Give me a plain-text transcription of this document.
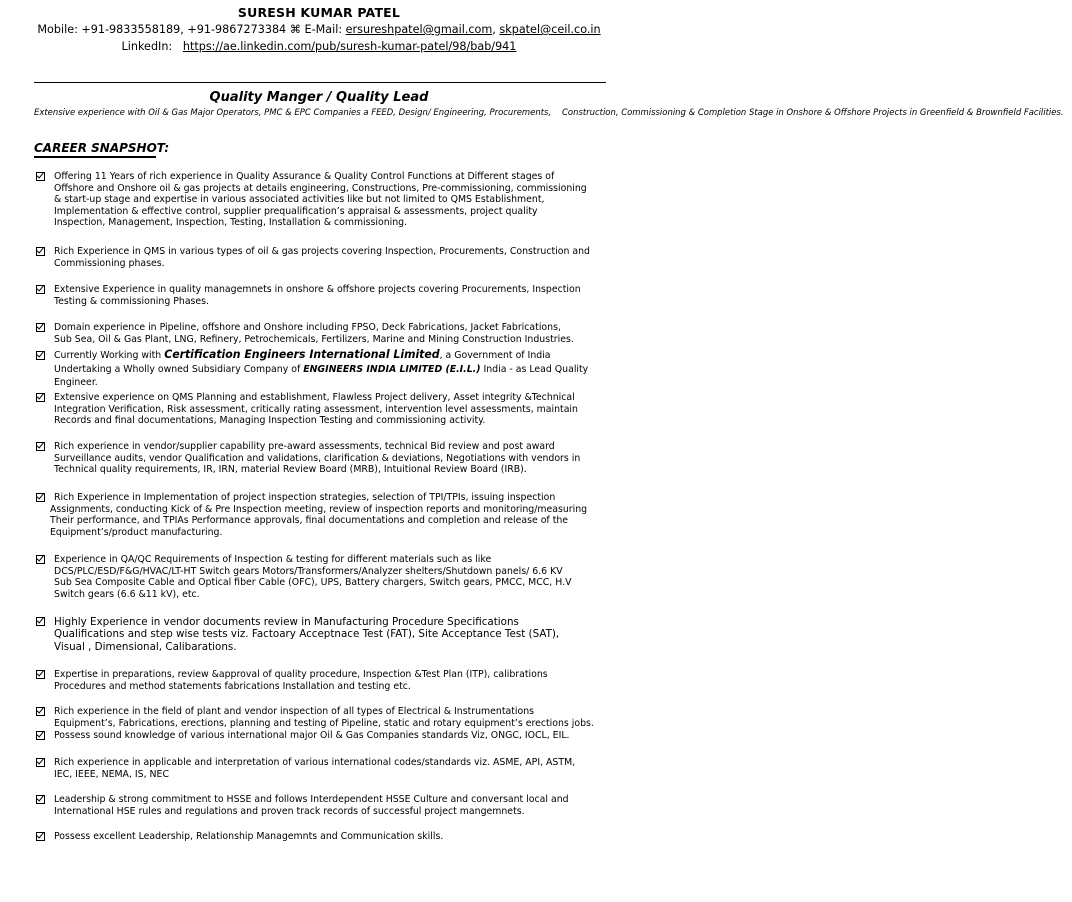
SURESH KUMAR PATEL
Mobile: +91-9833558189, +91-9867273384 ⌘ E-Mail: ersureshpatel@gmail.com, skpatel@ceil.co.in
LinkedIn: https://ae.linkedin.com/pub/suresh-kumar-patel/98/bab/941
Quality Manger / Quality Lead
Extensive experience with Oil & Gas Major Operators, PMC & EPC Companies a FEED, Design/ Engineering, Procurements, Construction, Commissioning & Completion Stage in Onshore & Offshore Projects in Greenfield & Brownfield Facilities.
CAREER SNAPSHOT:
Offering 11 Years of rich experience in Quality Assurance & Quality Control Functions at Different stages of Offshore and Onshore oil & gas projects at details engineering, Constructions, Pre-commissioning, commissioning & start-up stage and expertise in various associated activities like but not limited to QMS Establishment, Implementation & effective control, supplier prequalification’s appraisal & assessments, project quality Inspection, Management, Inspection, Testing, Installation & commissioning.
Rich Experience in QMS in various types of oil & gas projects covering Inspection, Procurements, Construction and Commissioning phases.
Extensive Experience in quality managemnets in onshore & offshore projects covering Procurements, Inspection Testing & commissioning Phases.
Domain experience in Pipeline, offshore and Onshore including FPSO, Deck Fabrications, Jacket Fabrications, Sub Sea, Oil & Gas Plant, LNG, Refinery, Petrochemicals, Fertilizers, Marine and Mining Construction Industries.
Currently Working with Certification Engineers International Limited, a Government of India Undertaking a Wholly owned Subsidiary Company of ENGINEERS INDIA LIMITED (E.I.L.) India - as Lead Quality Engineer.
Extensive experience on QMS Planning and establishment, Flawless Project delivery, Asset integrity &Technical Integration Verification, Risk assessment, critically rating assessment, intervention level assessments, maintain Records and final documentations, Managing Inspection Testing and commissioning activity.
Rich experience in vendor/supplier capability pre-award assessments, technical Bid review and post award Surveillance audits, vendor Qualification and validations, clarification & deviations, Negotiations with vendors in Technical quality requirements, IR, IRN, material Review Board (MRB), Intuitional Review Board (IRB).
Rich Experience in Implementation of project inspection strategies, selection of TPI/TPIs, issuing inspection Assignments, conducting Kick of & Pre Inspection meeting, review of inspection reports and monitoring/measuring Their performance, and TPIAs Performance approvals, final documentations and completion and release of the Equipment’s/product manufacturing.
Experience in QA/QC Requirements of Inspection & testing for different materials such as like DCS/PLC/ESD/F&G/HVAC/LT-HT Switch gears Motors/Transformers/Analyzer shelters/Shutdown panels/ 6.6 KV Sub Sea Composite Cable and Optical fiber Cable (OFC), UPS, Battery chargers, Switch gears, PMCC, MCC, H.V Switch gears (6.6 &11 kV), etc.
Highly Experience in vendor documents review in Manufacturing Procedure Specifications Qualifications and step wise tests viz. Factoary Acceptnace Test (FAT), Site Acceptance Test (SAT), Visual , Dimensional, Calibarations.
Expertise in preparations, review &approval of quality procedure, Inspection &Test Plan (ITP), calibrations Procedures and method statements fabrications Installation and testing etc.
Rich experience in the field of plant and vendor inspection of all types of Electrical & Instrumentations Equipment’s, Fabrications, erections, planning and testing of Pipeline, static and rotary equipment’s erections jobs.
Possess sound knowledge of various international major Oil & Gas Companies standards Viz, ONGC, IOCL, EIL.
Rich experience in applicable and interpretation of various international codes/standards viz. ASME, API, ASTM, IEC, IEEE, NEMA, IS, NEC
Leadership & strong commitment to HSSE and follows Interdependent HSSE Culture and conversant local and International HSE rules and regulations and proven track records of successful project mangemnets.
Possess excellent Leadership, Relationship Managemnts and Communication skills.
